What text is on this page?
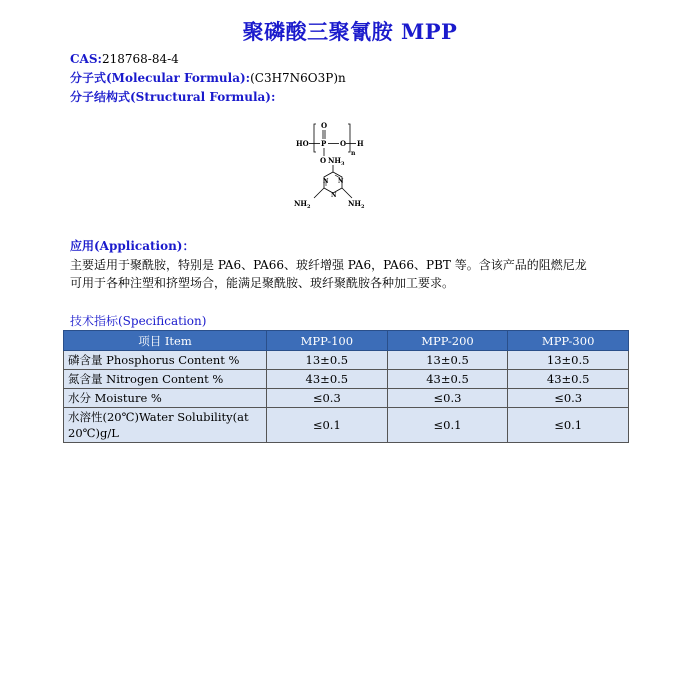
聚磷酸三聚氰胺 MPP
CAS:218768-84-4
分子式(Molecular Formula):(C3H7N6O3P)n
分子结构式(Structural Formula):
O
P
HO	O H
n
O $NH_3$
N
N
N
$NH_2$	$NH_2$
应用(Application)：
主要适用于聚酰胺，特别是 PA6、PA66、玻纤增强 PA6，PA66、PBT 等。含该产品的阻燃尼龙
可用于各种注塑和挤塑场合，能满足聚酰胺、玻纤聚酰胺各种加工要求。
技术指标(Specification)
项目 Item	MPP-100	MPP-200	MPP-300
磷含量 Phosphorus Content %	13±0.5	13±0.5	13±0.5
氮含量 Nitrogen Content %	43±0.5	43±0.5	43±0.5
水分 Moisture %	≤0.3	≤0.3	≤0.3
水溶性(20℃)Water Solubility(at 20℃)g/L	≤0.1	≤0.1	≤0.1
